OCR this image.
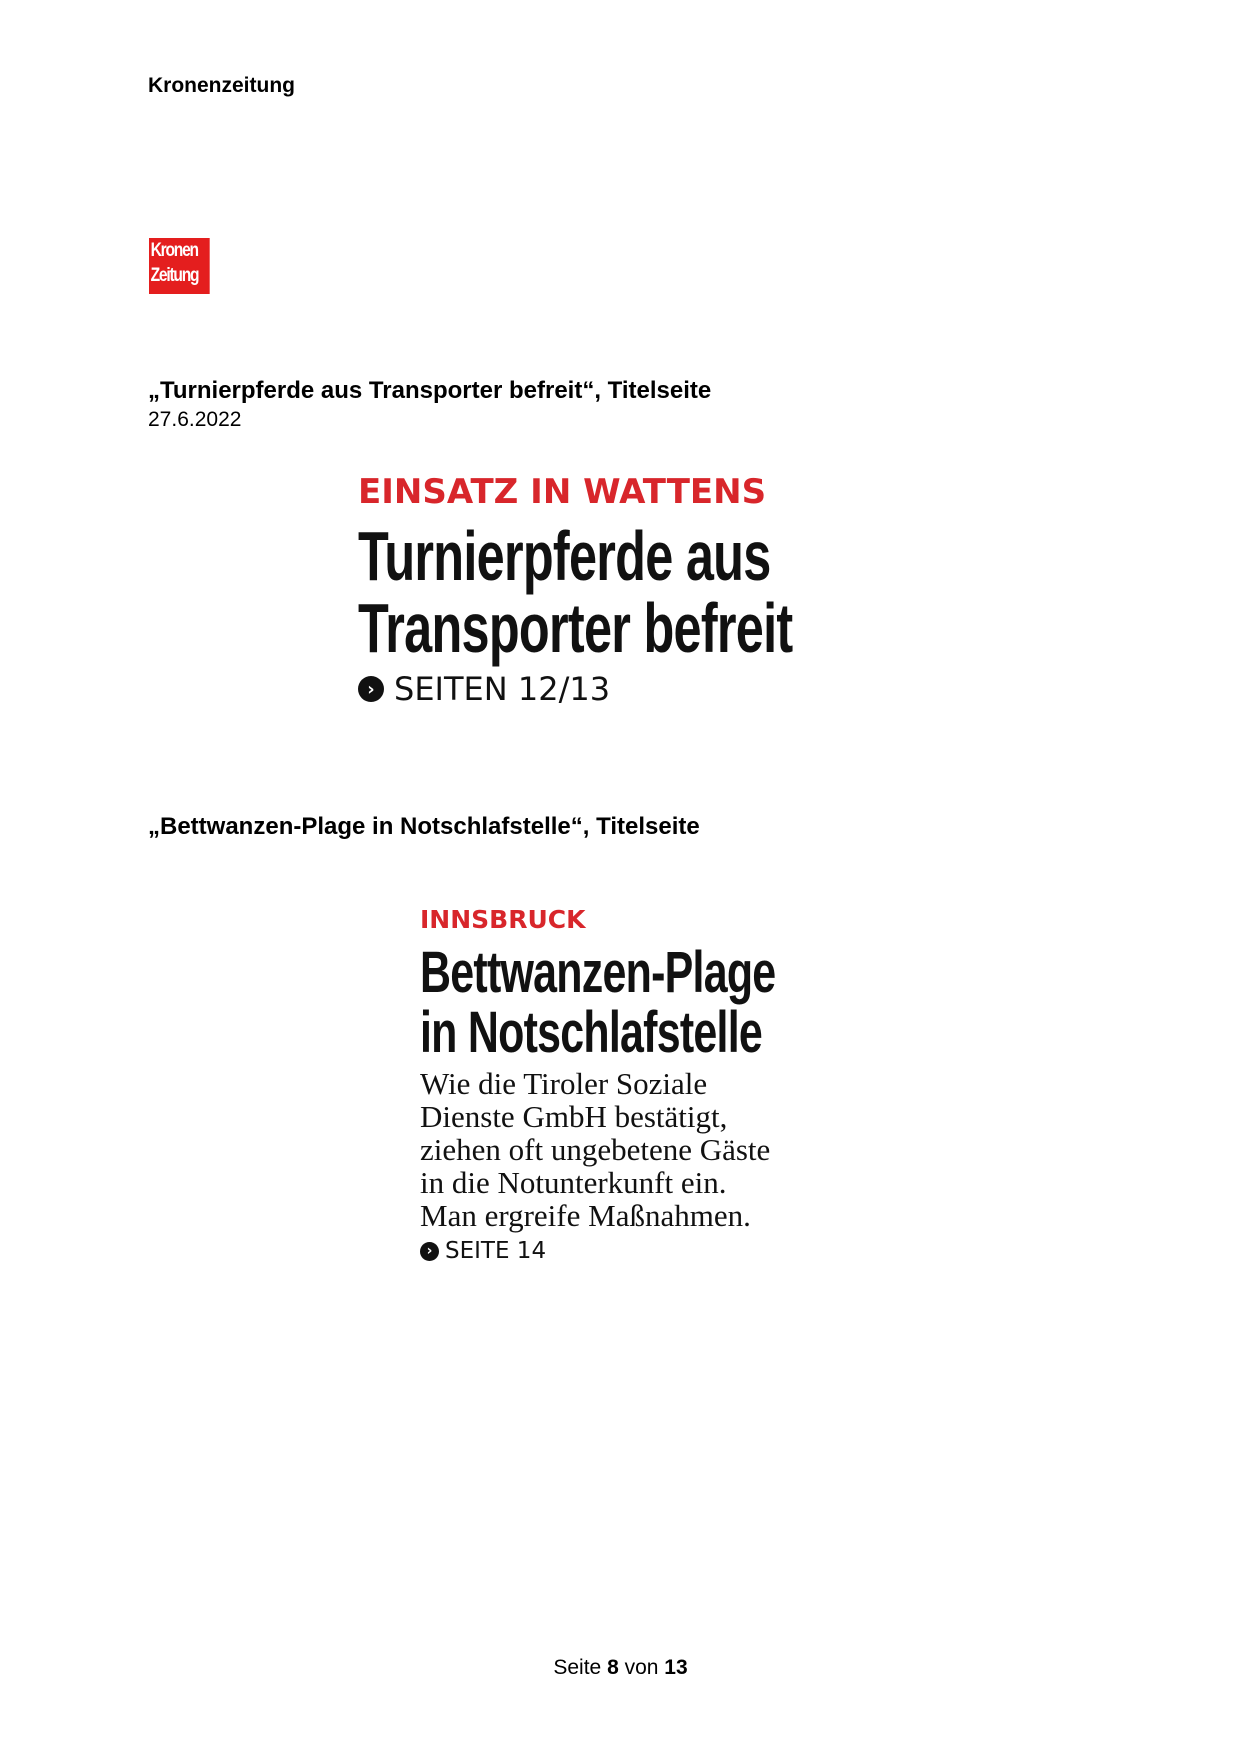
Kronenzeitung
Kronen
Zeitung
„Turnierpferde aus Transporter befreit“, Titelseite
27.6.2022
EINSATZ IN WATTENS
Turnierpferde aus
Transporter befreit
› SEITEN 12/13
„Bettwanzen-Plage in Notschlafstelle“, Titelseite
INNSBRUCK
Bettwanzen-Plage
in Notschlafstelle
Wie die Tiroler Soziale
Dienste GmbH bestätigt,
ziehen oft ungebetene Gäste
in die Notunterkunft ein.
Man ergreife Maßnahmen.
› SEITE 14
Seite 8 von 13
